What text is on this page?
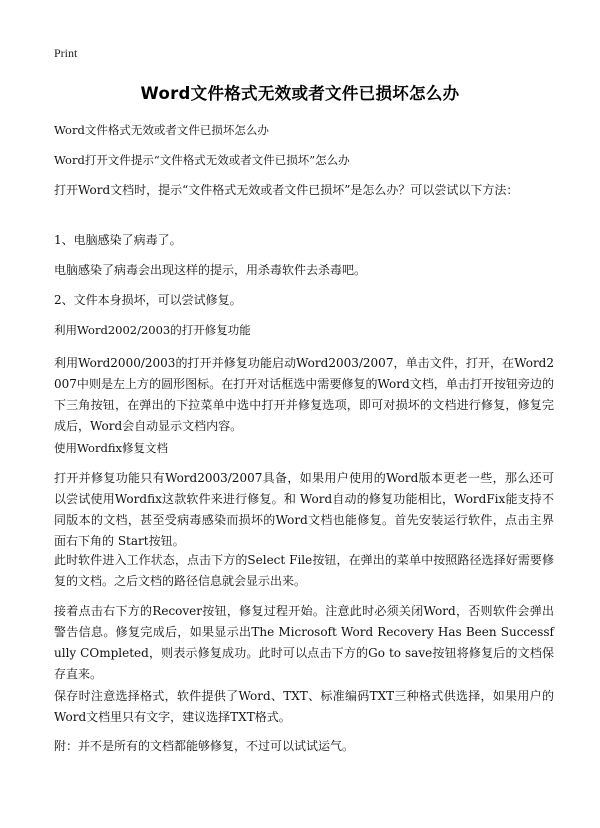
Print
Word文件格式无效或者文件已损坏怎么办
Word文件格式无效或者文件已损坏怎么办
Word打开文件提示“文件格式无效或者文件已损坏”怎么办
打开Word文档时，提示“文件格式无效或者文件已损坏”是怎么办？可以尝试以下方法：
1、电脑感染了病毒了。
电脑感染了病毒会出现这样的提示，用杀毒软件去杀毒吧。
2、文件本身损坏，可以尝试修复。
利用Word2002/2003的打开修复功能
利用Word2000/2003的打开并修复功能启动Word2003/2007，单击文件，打开，在Word2007中则是左上方的圆形图标。在打开对话框选中需要修复的Word文档，单击打开按钮旁边的下三角按钮，在弹出的下拉菜单中选中打开并修复选项，即可对损坏的文档进行修复，修复完成后，Word会自动显示文档内容。
使用Wordfix修复文档
打开并修复功能只有Word2003/2007具备，如果用户使用的Word版本更老一些，那么还可以尝试使用Wordfix这款软件来进行修复。和 Word自动的修复功能相比，WordFix能支持不同版本的文档，甚至受病毒感染而损坏的Word文档也能修复。首先安装运行软件，点击主界面右下角的 Start按钮。
此时软件进入工作状态，点击下方的Select File按钮，在弹出的菜单中按照路径选择好需要修复的文档。之后文档的路径信息就会显示出来。
接着点击右下方的Recover按钮，修复过程开始。注意此时必须关闭Word，否则软件会弹出警告信息。修复完成后，如果显示出The Microsoft Word Recovery Has Been Successfully COmpleted，则表示修复成功。此时可以点击下方的Go to save按钮将修复后的文档保存直来。
保存时注意选择格式，软件提供了Word、TXT、标准编码TXT三种格式供选择，如果用户的Word文档里只有文字，建议选择TXT格式。
附：并不是所有的文档都能够修复，不过可以试试运气。
